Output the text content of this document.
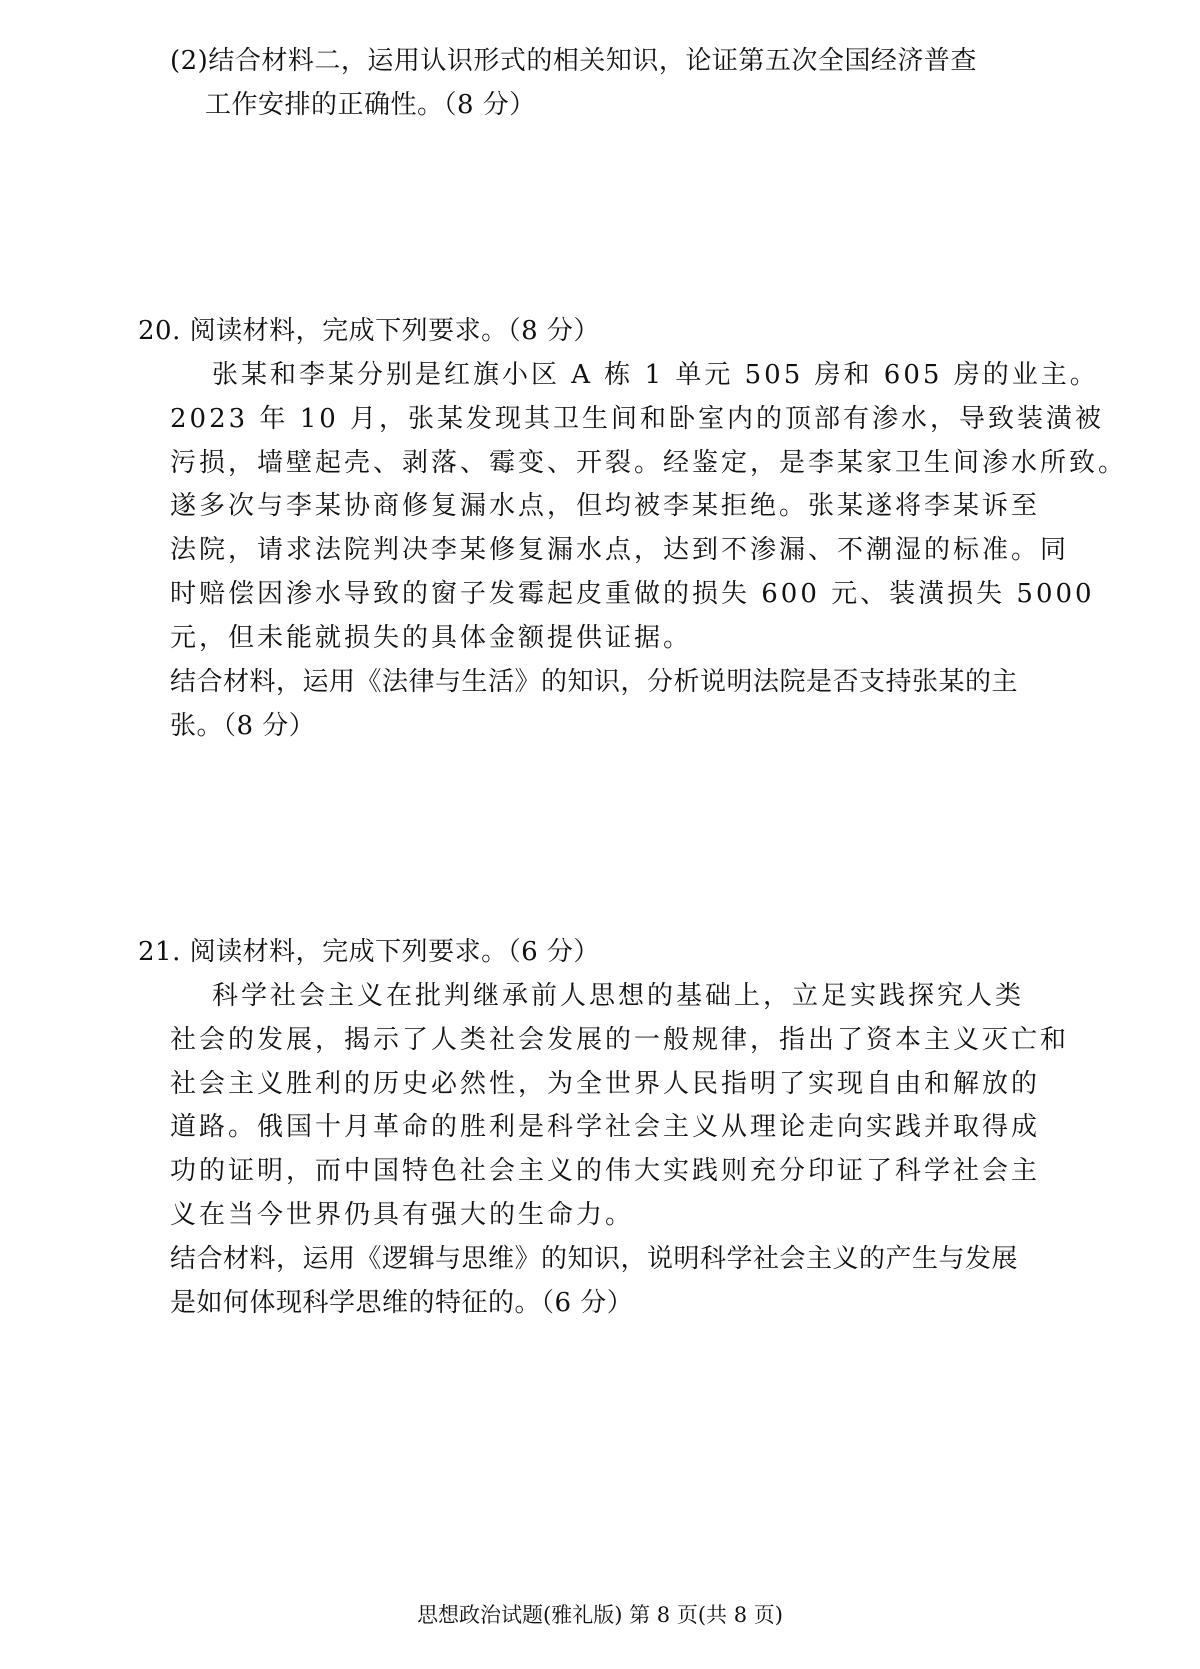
(2)结合材料二，运用认识形式的相关知识，论证第五次全国经济普查
工作安排的正确性。（8 分）
20. 阅读材料，完成下列要求。（8 分）
张某和李某分别是红旗小区 A 栋 1 单元 505 房和 605 房的业主。
2023 年 10 月，张某发现其卫生间和卧室内的顶部有渗水，导致装潢被
污损，墙壁起壳、剥落、霉变、开裂。经鉴定，是李某家卫生间渗水所致。
遂多次与李某协商修复漏水点，但均被李某拒绝。张某遂将李某诉至
法院，请求法院判决李某修复漏水点，达到不渗漏、不潮湿的标准。同
时赔偿因渗水导致的窗子发霉起皮重做的损失 600 元、装潢损失 5000
元，但未能就损失的具体金额提供证据。
结合材料，运用《法律与生活》的知识，分析说明法院是否支持张某的主
张。（8 分）
21. 阅读材料，完成下列要求。（6 分）
科学社会主义在批判继承前人思想的基础上，立足实践探究人类
社会的发展，揭示了人类社会发展的一般规律，指出了资本主义灭亡和
社会主义胜利的历史必然性，为全世界人民指明了实现自由和解放的
道路。俄国十月革命的胜利是科学社会主义从理论走向实践并取得成
功的证明，而中国特色社会主义的伟大实践则充分印证了科学社会主
义在当今世界仍具有强大的生命力。
结合材料，运用《逻辑与思维》的知识，说明科学社会主义的产生与发展
是如何体现科学思维的特征的。（6 分）
思想政治试题(雅礼版) 第 8 页(共 8 页)
